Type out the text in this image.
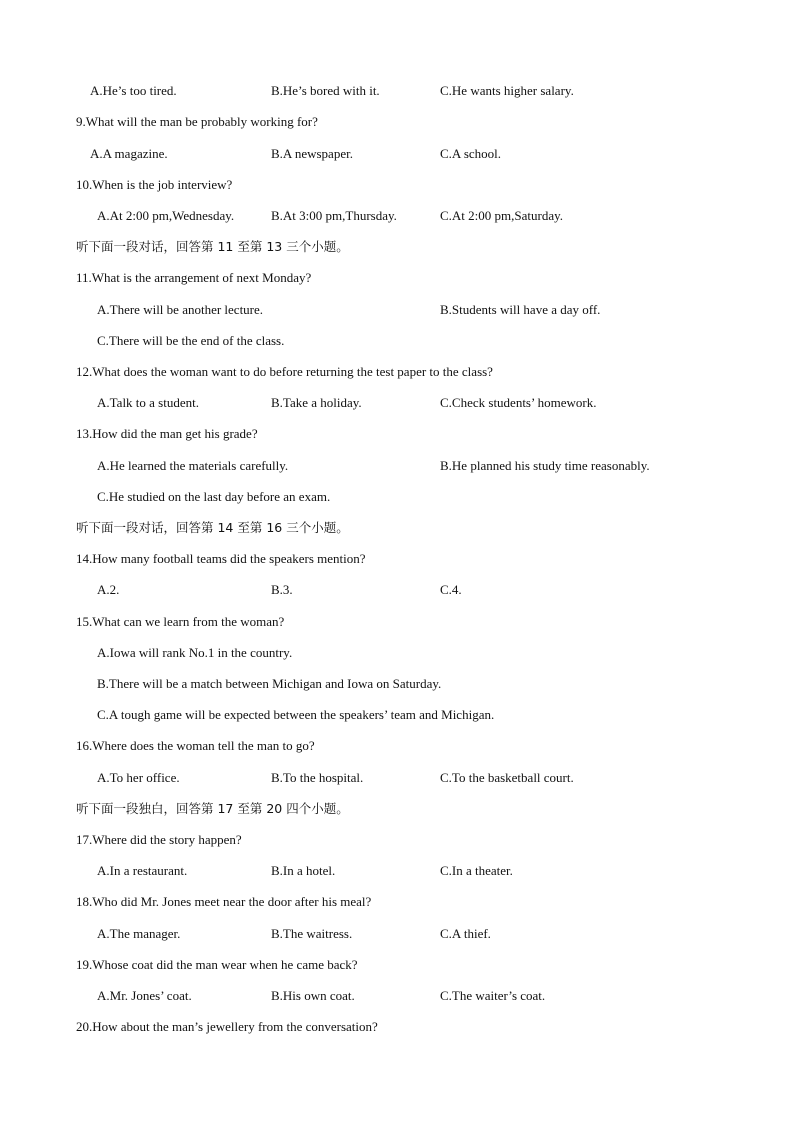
A.He’s too tired.	B.He’s bored with it.	C.He wants higher salary.
9.What will the man be probably working for?
A.A magazine.	B.A newspaper.	C.A school.
10.When is the job interview?
A.At 2:00 pm,Wednesday.	B.At 3:00 pm,Thursday.	C.At 2:00 pm,Saturday.
听下面一段对话，回答第 11 至第 13 三个小题。
11.What is the arrangement of next Monday?
A.There will be another lecture.	B.Students will have a day off.
C.There will be the end of the class.
12.What does the woman want to do before returning the test paper to the class?
A.Talk to a student.	B.Take a holiday.	C.Check students’ homework.
13.How did the man get his grade?
A.He learned the materials carefully.	B.He planned his study time reasonably.
C.He studied on the last day before an exam.
听下面一段对话，回答第 14 至第 16 三个小题。
14.How many football teams did the speakers mention?
A.2.	B.3.	C.4.
15.What can we learn from the woman?
A.Iowa will rank No.1 in the country.
B.There will be a match between Michigan and Iowa on Saturday.
C.A tough game will be expected between the speakers’ team and Michigan.
16.Where does the woman tell the man to go?
A.To her office.	B.To the hospital.	C.To the basketball court.
听下面一段独白，回答第 17 至第 20 四个小题。
17.Where did the story happen?
A.In a restaurant.	B.In a hotel.	C.In a theater.
18.Who did Mr. Jones meet near the door after his meal?
A.The manager.	B.The waitress.	C.A thief.
19.Whose coat did the man wear when he came back?
A.Mr. Jones’ coat.	B.His own coat.	C.The waiter’s coat.
20.How about the man’s jewellery from the conversation?
